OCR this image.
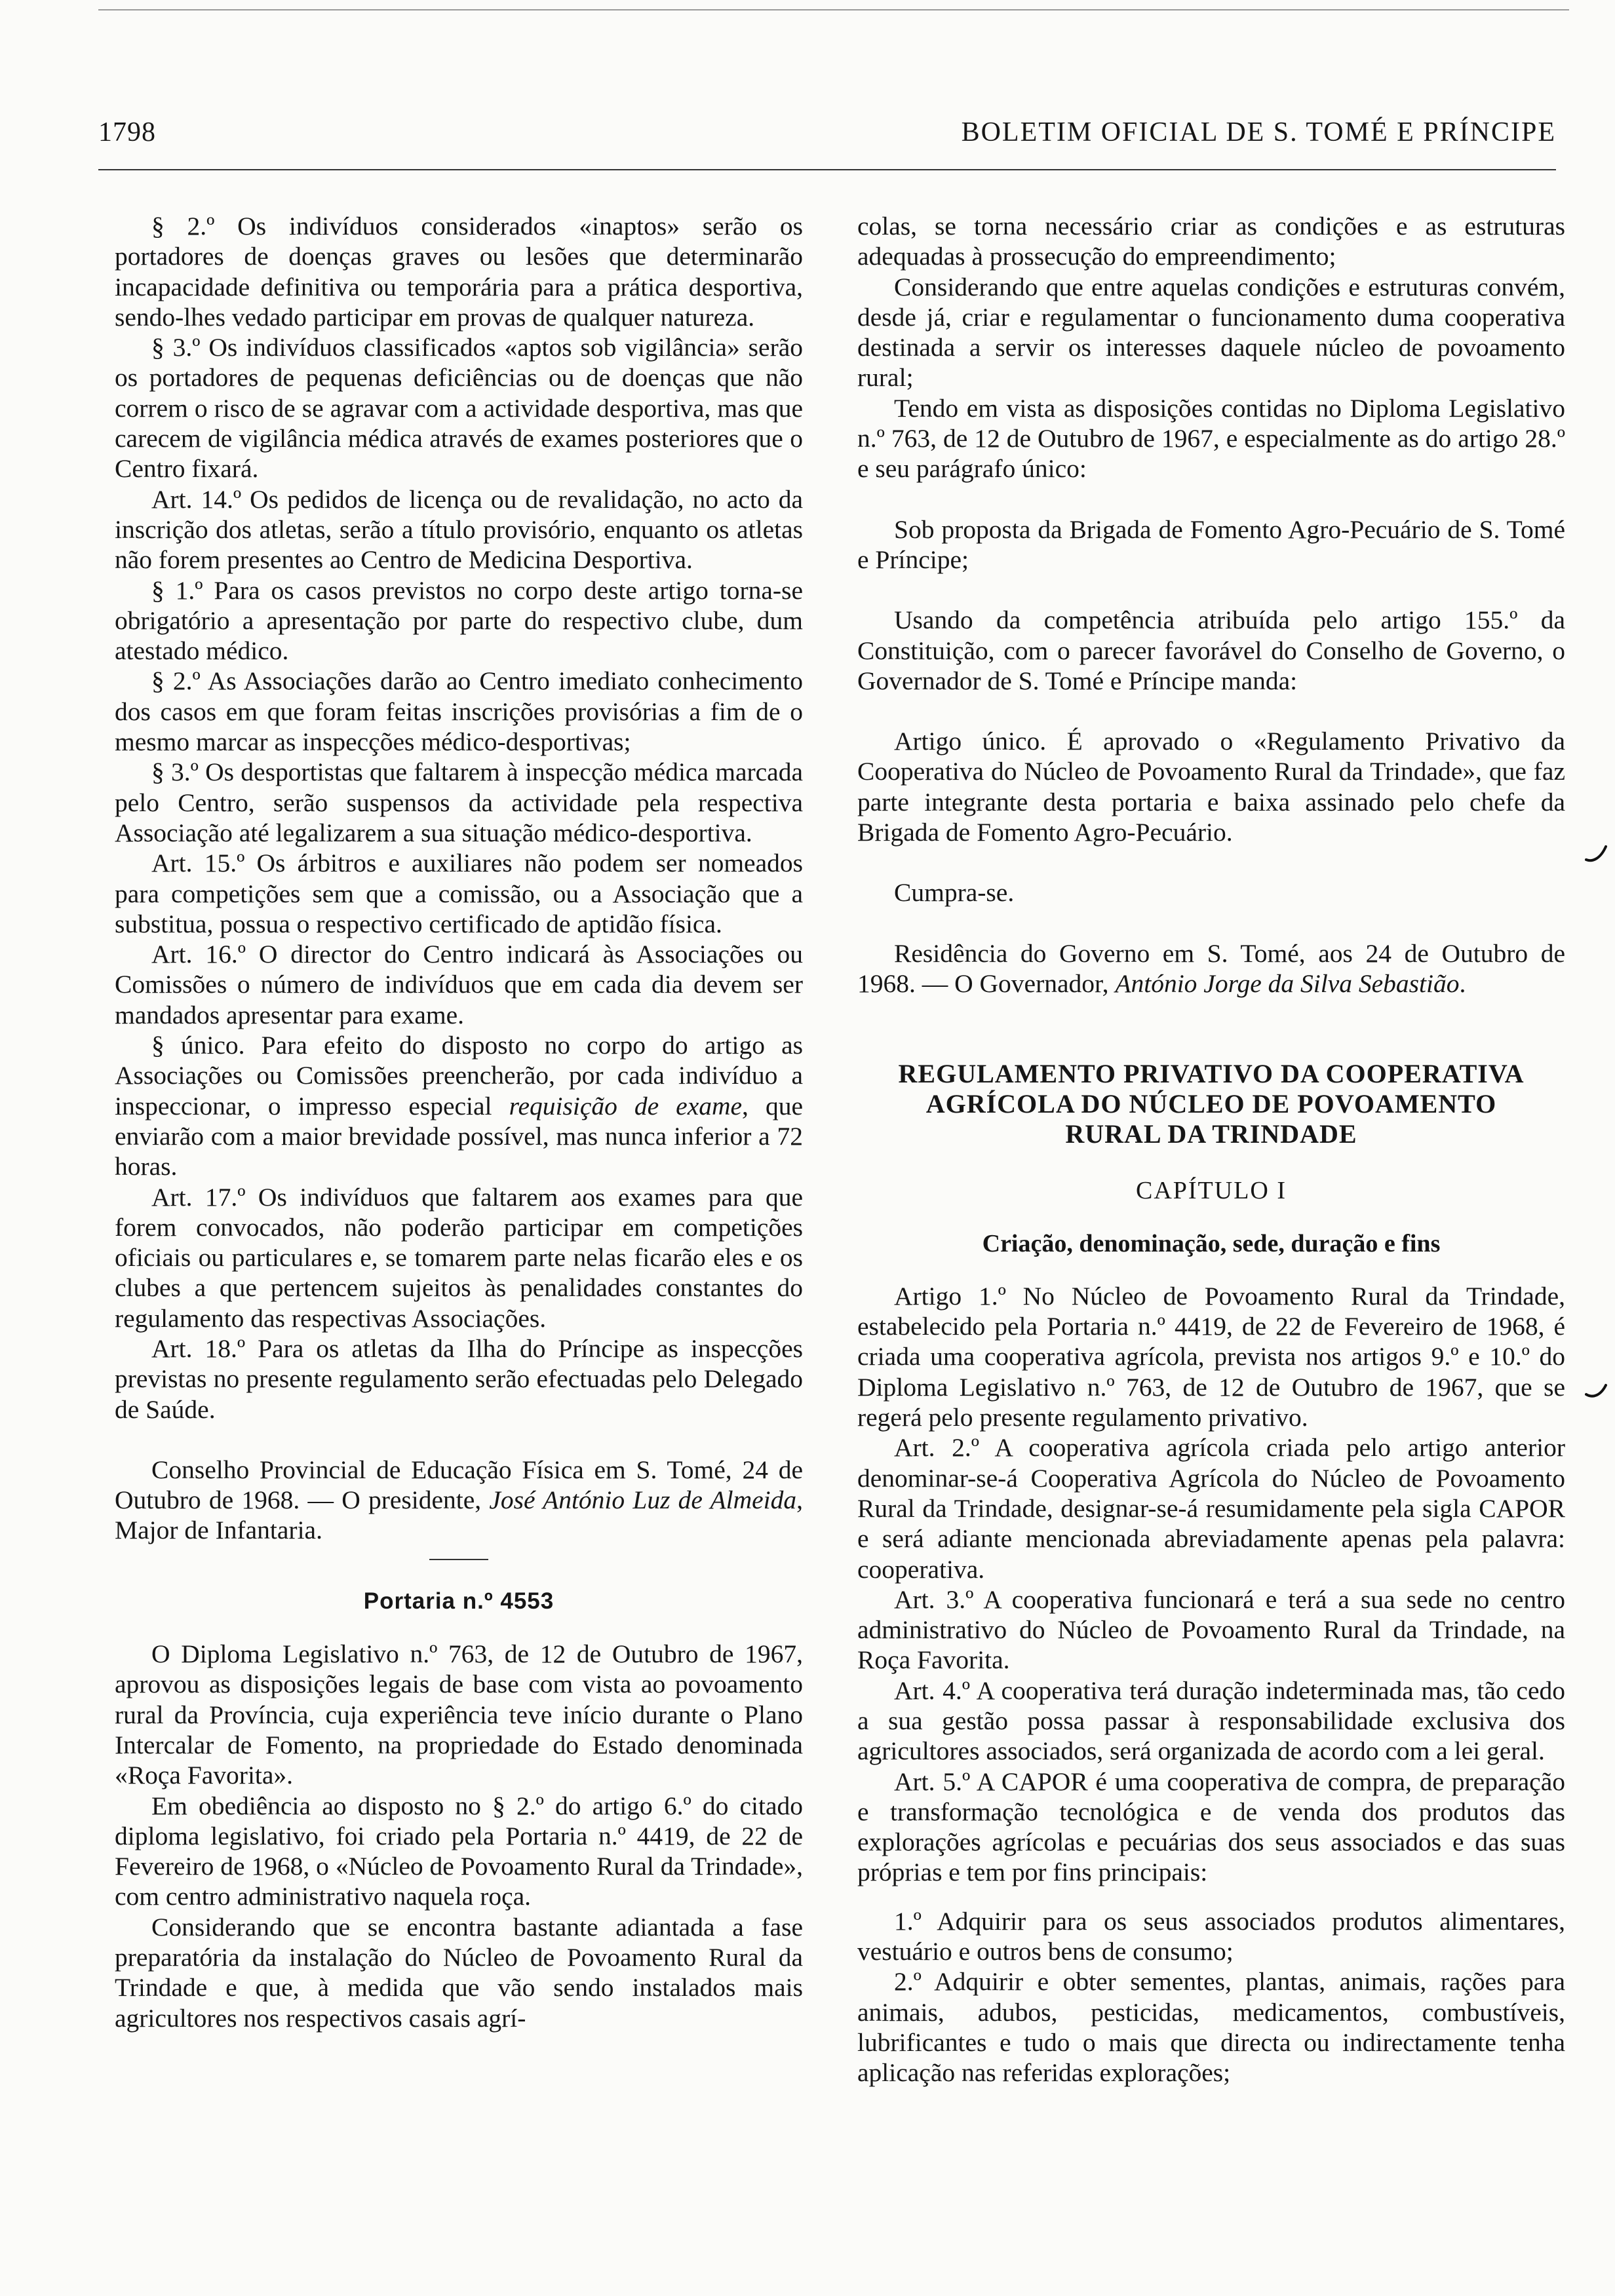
1798	BOLETIM OFICIAL DE S. TOMÉ E PRÍNCIPE

§ 2.º Os indivíduos considerados «inaptos» serão os portadores de doenças graves ou lesões que determinarão incapacidade definitiva ou temporária para a prática desportiva, sendo-lhes vedado participar em provas de qualquer natureza.

§ 3.º Os indivíduos classificados «aptos sob vigilância» serão os portadores de pequenas deficiências ou de doenças que não correm o risco de se agravar com a actividade desportiva, mas que carecem de vigilância médica através de exames posteriores que o Centro fixará.

Art. 14.º Os pedidos de licença ou de revalidação, no acto da inscrição dos atletas, serão a título provisório, enquanto os atletas não forem presentes ao Centro de Medicina Desportiva.

§ 1.º Para os casos previstos no corpo deste artigo torna-se obrigatório a apresentação por parte do respectivo clube, dum atestado médico.

§ 2.º As Associações darão ao Centro imediato conhecimento dos casos em que foram feitas inscrições provisórias a fim de o mesmo marcar as inspecções médico-desportivas;

§ 3.º Os desportistas que faltarem à inspecção médica marcada pelo Centro, serão suspensos da actividade pela respectiva Associação até legalizarem a sua situação médico-desportiva.

Art. 15.º Os árbitros e auxiliares não podem ser nomeados para competições sem que a comissão, ou a Associação que a substitua, possua o respectivo certificado de aptidão física.

Art. 16.º O director do Centro indicará às Associações ou Comissões o número de indivíduos que em cada dia devem ser mandados apresentar para exame.

§ único. Para efeito do disposto no corpo do artigo as Associações ou Comissões preencherão, por cada indivíduo a inspeccionar, o impresso especial requisição de exame, que enviarão com a maior brevidade possível, mas nunca inferior a 72 horas.

Art. 17.º Os indivíduos que faltarem aos exames para que forem convocados, não poderão participar em competições oficiais ou particulares e, se tomarem parte nelas ficarão eles e os clubes a que pertencem sujeitos às penalidades constantes do regulamento das respectivas Associações.

Art. 18.º Para os atletas da Ilha do Príncipe as inspecções previstas no presente regulamento serão efectuadas pelo Delegado de Saúde.

Conselho Provincial de Educação Física em S. Tomé, 24 de Outubro de 1968. — O presidente, José António Luz de Almeida, Major de Infantaria.

Portaria n.º 4553

O Diploma Legislativo n.º 763, de 12 de Outubro de 1967, aprovou as disposições legais de base com vista ao povoamento rural da Província, cuja experiência teve início durante o Plano Intercalar de Fomento, na propriedade do Estado denominada «Roça Favorita».

Em obediência ao disposto no § 2.º do artigo 6.º do citado diploma legislativo, foi criado pela Portaria n.º 4419, de 22 de Fevereiro de 1968, o «Núcleo de Povoamento Rural da Trindade», com centro administrativo naquela roça.

Considerando que se encontra bastante adiantada a fase preparatória da instalação do Núcleo de Povoamento Rural da Trindade e que, à medida que vão sendo instalados mais agricultores nos respectivos casais agrí-

colas, se torna necessário criar as condições e as estruturas adequadas à prossecução do empreendimento;

Considerando que entre aquelas condições e estruturas convém, desde já, criar e regulamentar o funcionamento duma cooperativa destinada a servir os interesses daquele núcleo de povoamento rural;

Tendo em vista as disposições contidas no Diploma Legislativo n.º 763, de 12 de Outubro de 1967, e especialmente as do artigo 28.º e seu parágrafo único:

Sob proposta da Brigada de Fomento Agro-Pecuário de S. Tomé e Príncipe;

Usando da competência atribuída pelo artigo 155.º da Constituição, com o parecer favorável do Conselho de Governo, o Governador de S. Tomé e Príncipe manda:

Artigo único. É aprovado o «Regulamento Privativo da Cooperativa do Núcleo de Povoamento Rural da Trindade», que faz parte integrante desta portaria e baixa assinado pelo chefe da Brigada de Fomento Agro-Pecuário.

Cumpra-se.

Residência do Governo em S. Tomé, aos 24 de Outubro de 1968. — O Governador, António Jorge da Silva Sebastião.

REGULAMENTO PRIVATIVO DA COOPERATIVA
AGRÍCOLA DO NÚCLEO DE POVOAMENTO
RURAL DA TRINDADE
CAPÍTULO I
Criação, denominação, sede, duração e fins

Artigo 1.º No Núcleo de Povoamento Rural da Trindade, estabelecido pela Portaria n.º 4419, de 22 de Fevereiro de 1968, é criada uma cooperativa agrícola, prevista nos artigos 9.º e 10.º do Diploma Legislativo n.º 763, de 12 de Outubro de 1967, que se regerá pelo presente regulamento privativo.

Art. 2.º A cooperativa agrícola criada pelo artigo anterior denominar-se-á Cooperativa Agrícola do Núcleo de Povoamento Rural da Trindade, designar-se-á resumidamente pela sigla CAPOR e será adiante mencionada abreviadamente apenas pela palavra: cooperativa.

Art. 3.º A cooperativa funcionará e terá a sua sede no centro administrativo do Núcleo de Povoamento Rural da Trindade, na Roça Favorita.

Art. 4.º A cooperativa terá duração indeterminada mas, tão cedo a sua gestão possa passar à responsabilidade exclusiva dos agricultores associados, será organizada de acordo com a lei geral.

Art. 5.º A CAPOR é uma cooperativa de compra, de preparação e transformação tecnológica e de venda dos produtos das explorações agrícolas e pecuárias dos seus associados e das suas próprias e tem por fins principais:

1.º Adquirir para os seus associados produtos alimentares, vestuário e outros bens de consumo;

2.º Adquirir e obter sementes, plantas, animais, rações para animais, adubos, pesticidas, medicamentos, combustíveis, lubrificantes e tudo o mais que directa ou indirectamente tenha aplicação nas referidas explorações;
